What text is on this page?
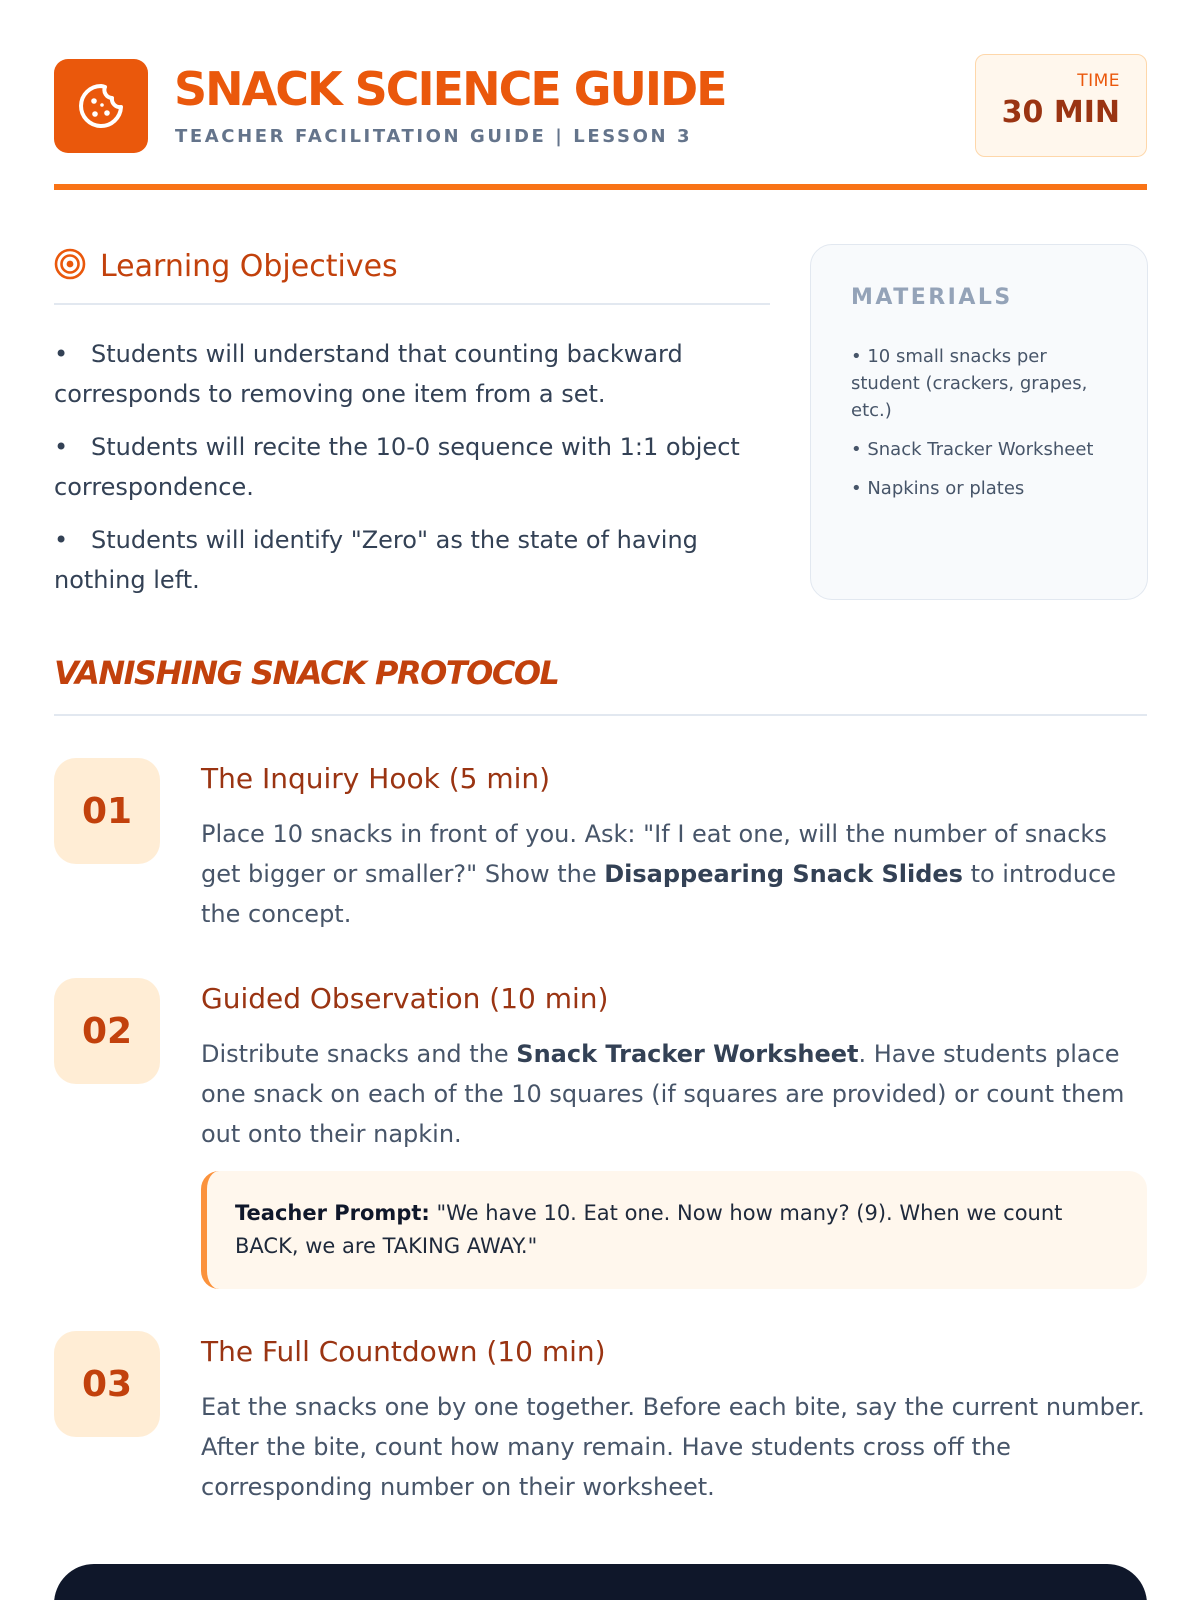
SNACK SCIENCE GUIDE
TEACHER FACILITATION GUIDE | LESSON 3
TIME
30 MIN
Learning Objectives
• Students will understand that counting backward corresponds to removing one item from a set.
• Students will recite the 10-0 sequence with 1:1 object correspondence.
• Students will identify "Zero" as the state of having nothing left.
MATERIALS
• 10 small snacks per student (crackers, grapes, etc.)
• Snack Tracker Worksheet
• Napkins or plates
VANISHING SNACK PROTOCOL
01
The Inquiry Hook (5 min)
Place 10 snacks in front of you. Ask: "If I eat one, will the number of snacks get bigger or smaller?" Show the Disappearing Snack Slides to introduce the concept.
02
Guided Observation (10 min)
Distribute snacks and the Snack Tracker Worksheet. Have students place one snack on each of the 10 squares (if squares are provided) or count them out onto their napkin.
Teacher Prompt: "We have 10. Eat one. Now how many? (9). When we count BACK, we are TAKING AWAY."
03
The Full Countdown (10 min)
Eat the snacks one by one together. Before each bite, say the current number. After the bite, count how many remain. Have students cross off the corresponding number on their worksheet.
